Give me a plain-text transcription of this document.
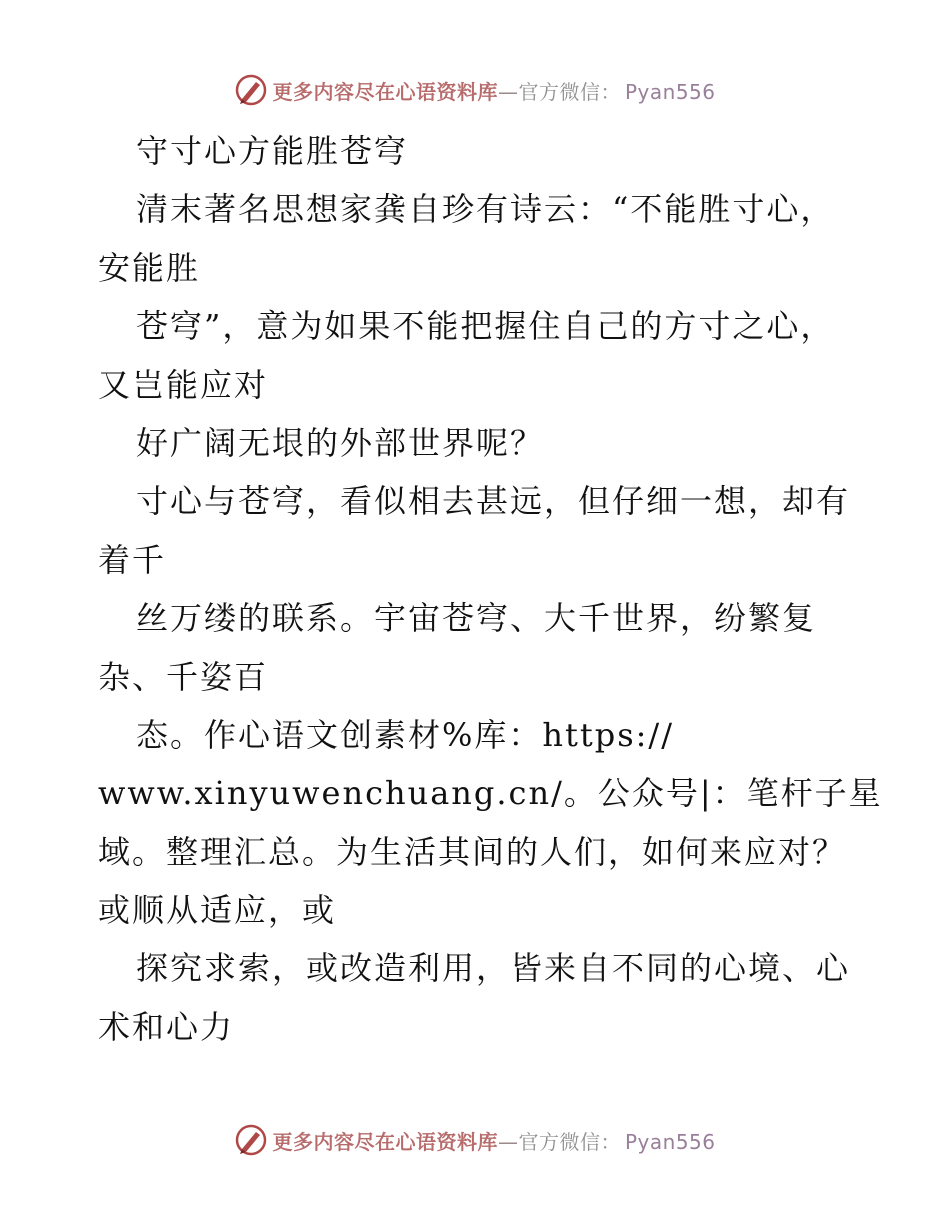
更多内容尽在心语资料库—官方微信： Pyan556
守寸心方能胜苍穹
清末著名思想家龚自珍有诗云：“不能胜寸心，
安能胜
苍穹”，意为如果不能把握住自己的方寸之心，
又岂能应对
好广阔无垠的外部世界呢？
寸心与苍穹，看似相去甚远，但仔细一想，却有
着千
丝万缕的联系。宇宙苍穹、大千世界，纷繁复
杂、千姿百
态。作心语文创素材%库：https://
www.xinyuwenchuang.cn/。公众号|：笔杆子星
域。整理汇总。为生活其间的人们，如何来应对？
或顺从适应，或
探究求索，或改造利用，皆来自不同的心境、心
术和心力
更多内容尽在心语资料库—官方微信： Pyan556
